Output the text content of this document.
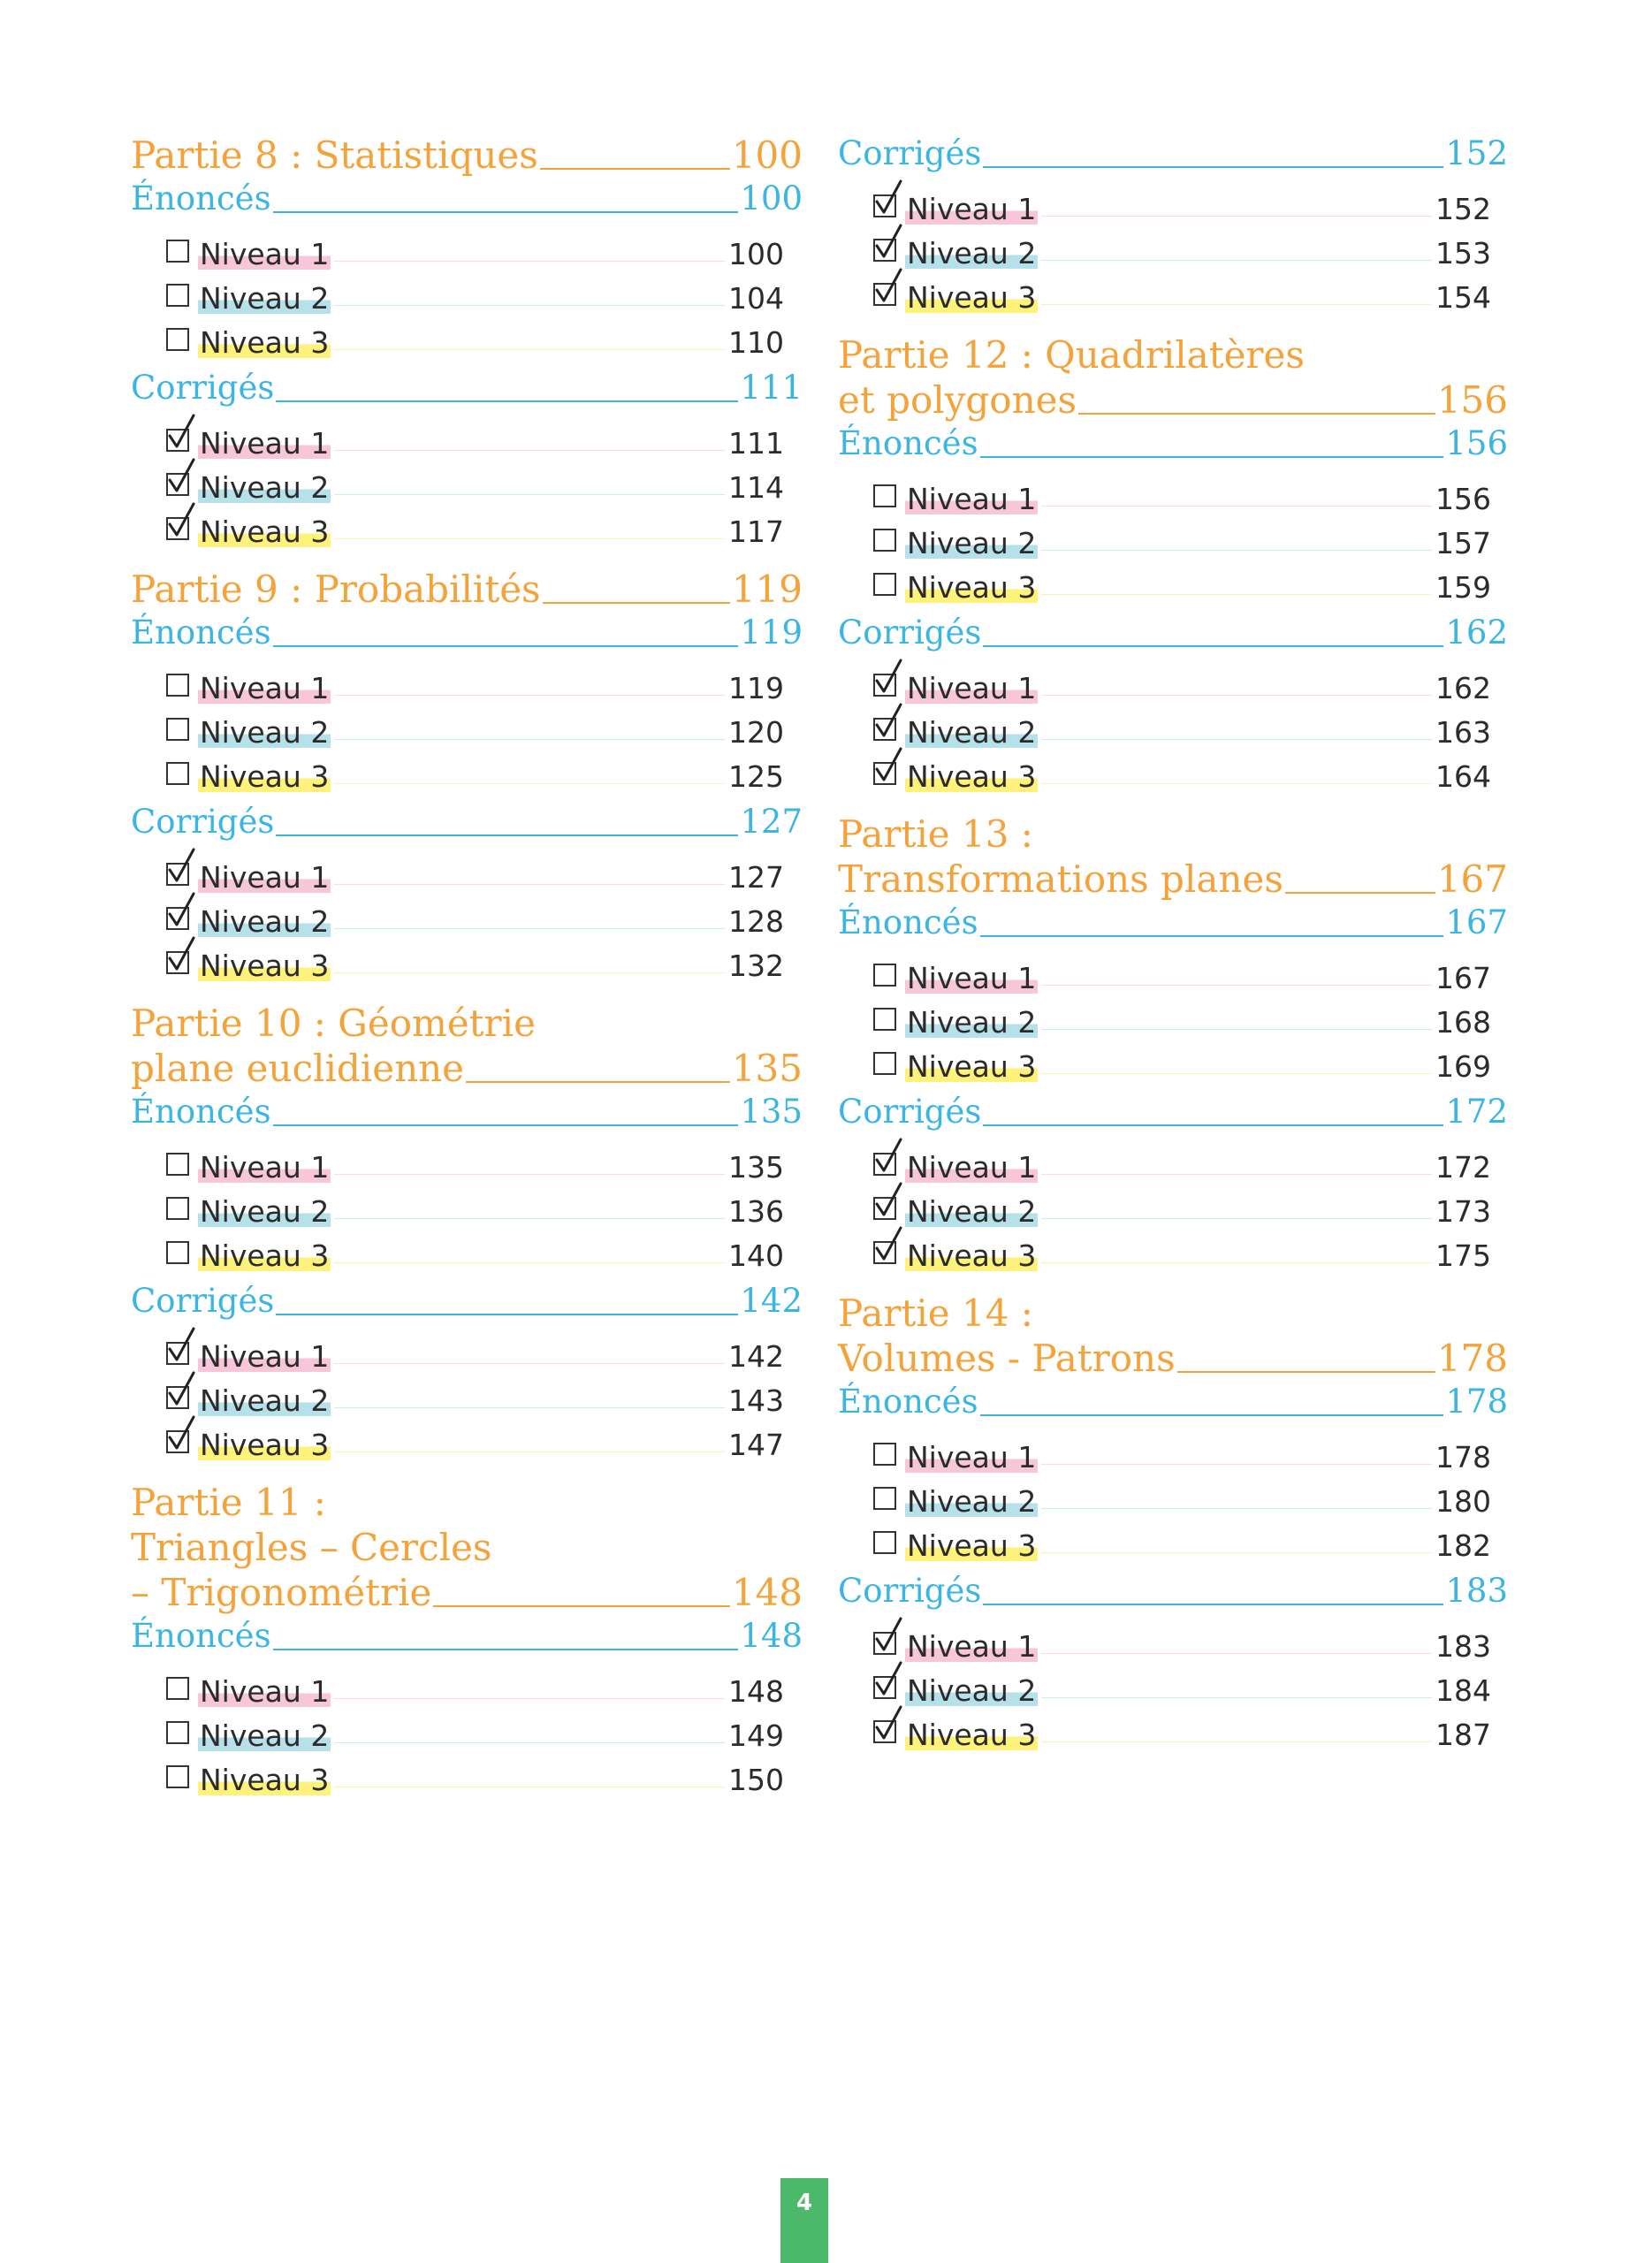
Partie 8 : Statistiques	100
Énoncés	100
Niveau 1	100
Niveau 2	104
Niveau 3	110
Corrigés	111
Niveau 1	111
Niveau 2	114
Niveau 3	117
Partie 9 : Probabilités	119
Énoncés	119
Niveau 1	119
Niveau 2	120
Niveau 3	125
Corrigés	127
Niveau 1	127
Niveau 2	128
Niveau 3	132
Partie 10 : Géométrie
plane euclidienne	135
Énoncés	135
Niveau 1	135
Niveau 2	136
Niveau 3	140
Corrigés	142
Niveau 1	142
Niveau 2	143
Niveau 3	147
Partie 11 :
Triangles – Cercles
– Trigonométrie	148
Énoncés	148
Niveau 1	148
Niveau 2	149
Niveau 3	150
Corrigés	152
Niveau 1	152
Niveau 2	153
Niveau 3	154
Partie 12 : Quadrilatères
et polygones	156
Énoncés	156
Niveau 1	156
Niveau 2	157
Niveau 3	159
Corrigés	162
Niveau 1	162
Niveau 2	163
Niveau 3	164
Partie 13 :
Transformations planes	167
Énoncés	167
Niveau 1	167
Niveau 2	168
Niveau 3	169
Corrigés	172
Niveau 1	172
Niveau 2	173
Niveau 3	175
Partie 14 :
Volumes - Patrons	178
Énoncés	178
Niveau 1	178
Niveau 2	180
Niveau 3	182
Corrigés	183
Niveau 1	183
Niveau 2	184
Niveau 3	187
4
